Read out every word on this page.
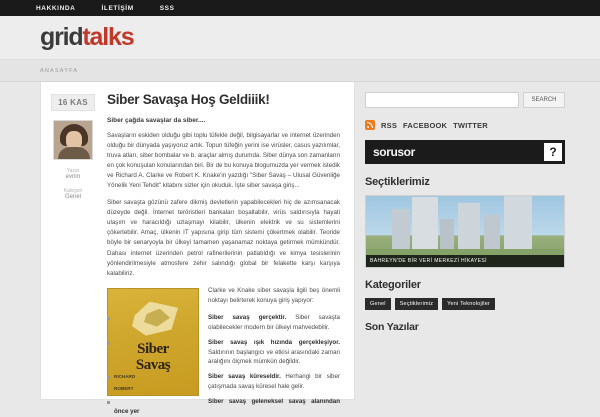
HAKKINDA	İLETİŞİM	SSS
gridtalks
ANASAYFA
16 KAS
Yazar
evrim
Kategori
Genel
Siber Savaşa Hoş Geldiiik!
Siber çağda savaşlar da siber....

Savaşların eskiden olduğu gibi toplu tüfekle değil, bilgisayarlar ve internet üzerinden olduğu bir dünyada yaşıyoruz artık. Topun tüfeğin yerini ise virüsler, casus yazılımlar, truva atları, siber bombalar ve b. araçlar almış durumda. Siber dünya son zamanların en çok konuşulan konularından biri. Bir de bu konuya blogumuzda yer vermek istedik ve Richard A. Clarke ve Robert K. Knake'in yazdığı "Siber Savaş – Ulusal Güvenliğe Yönelik Yeni Tehdit" kitabını sizler için okuduk. İşte siber savaşa giriş...

Siber savaşta gözünü zafere dikmiş devletlerin yapabilecekleri hiç de azımsanacak düzeyde değil. İnternet teröristleri bankaları boşaltabilir, virüs saldırısıyla hayati ulaşım ve haracıldığı uzlaşmayı kilabilir, ülkenin elektrik ve su sistemlerini çökertebilir. Amaç, ülkenin IT yapısına girip tüm sistemi çökertmek olabilir. Teoride böyle bir senaryoyla bir ülkeyi tamamen yaşanamaz noktaya getirmek mümkündür. Dahası internet üzerinden petrol rafinerilerinin patlatıldığı ve kimya tesislerinin yönlendirilmesiyle atmosfere zehir salındığı global bir felakette karşı karşıya kalabiliriz.

Siber
Savaş
RICHARD
ROBERT

Clarke ve Knake siber savaşla ilgili beş önemli noktayı belirterek konuya giriş yapıyor:

Siber savaş gerçektir. Siber savaşta olabilecekler modern bir ülkeyi mahvedebilir.
Siber savaş ışık hızında gerçekleşiyor. Saldırının başlangıcı ve etkisi arasındaki zaman aralığını ölçmek mümkün değildir.
Siber savaş küreseldir. Herhangi bir siber çatışmada savaş küresel hale gelir.
Siber savaş geleneksel savaş alanından önce yer
SEARCH
RSS FACEBOOK TWITTER
sorusor	?
Seçtiklerimiz
BAHREYN'DE BİR VERİ MERKEZİ HİKAYESİ
Kategoriler
Genel	Seçtiklerimiz	Yeni Teknolojiler
Son Yazılar
